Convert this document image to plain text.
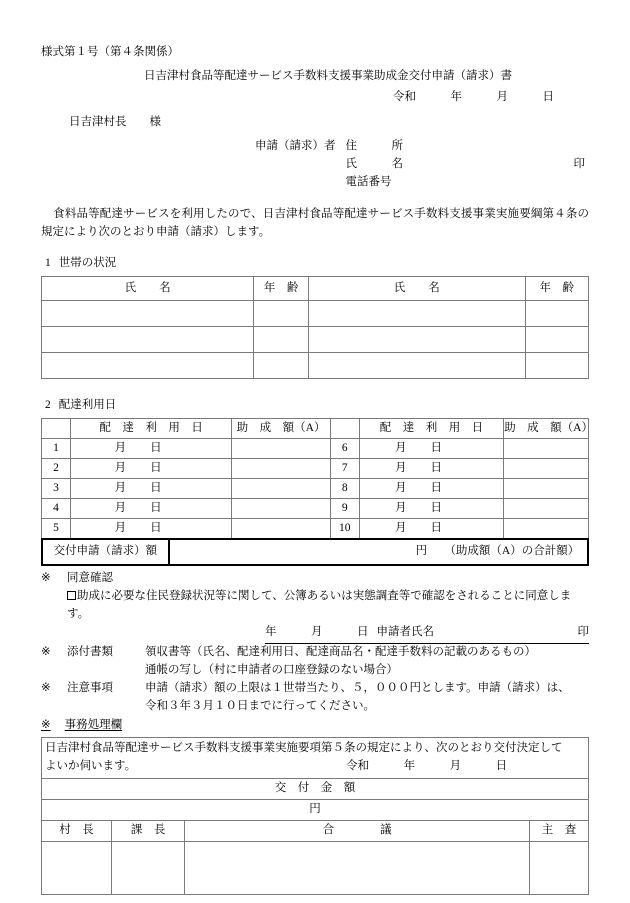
様式第１号（第４条関係）
日吉津村食品等配達サービス手数料支援事業助成金交付申請（請求）書
令和　　　年　　　月　　　日
日吉津村長　　様
申請（請求）者 住　　　所
氏　　　名	印
電話番号
食料品等配達サービスを利用したので、日吉津村食品等配達サービス手数料支援事業実施要綱第４条の規定により次のとおり申請（請求）します。
1 世帯の状況
氏　　名	年　齢	氏　　名	年　齢

2 配達利用日
	配　達　利　用　日	助　成　額（A）		配　達　利　用　日	助　成　額（A）
1	月 日		6	月 日	
2	月 日		7	月 日	
3	月 日		8	月 日	
4	月 日		9	月 日	
5	月 日		10	月 日	
交付申請（請求）額	円　　（助成額（A）の合計額）
※ 同意確認
助成に必要な住民登録状況等に関して、公簿あるいは実態調査等で確認をされることに同意します。
年　　　月　　　日 申請者氏名	印
※	添付書類	領収書等（氏名、配達利用日、配達商品名・配達手数料の記載のあるもの）
通帳の写し（村に申請者の口座登録のない場合）
※	注意事項	申請（請求）額の上限は１世帯当たり、５，０００円とします。申請（請求）は、
令和３年３月１０日までに行ってください。
※ 事務処理欄
日吉津村食品等配達サービス手数料支援事業実施要項第５条の規定により、次のとおり交付決定して
よいか伺います。 令和　　　年　　　月　　　日			
交　付　金　額			
円			
村　長	課　長	合　　　　議	主　査
